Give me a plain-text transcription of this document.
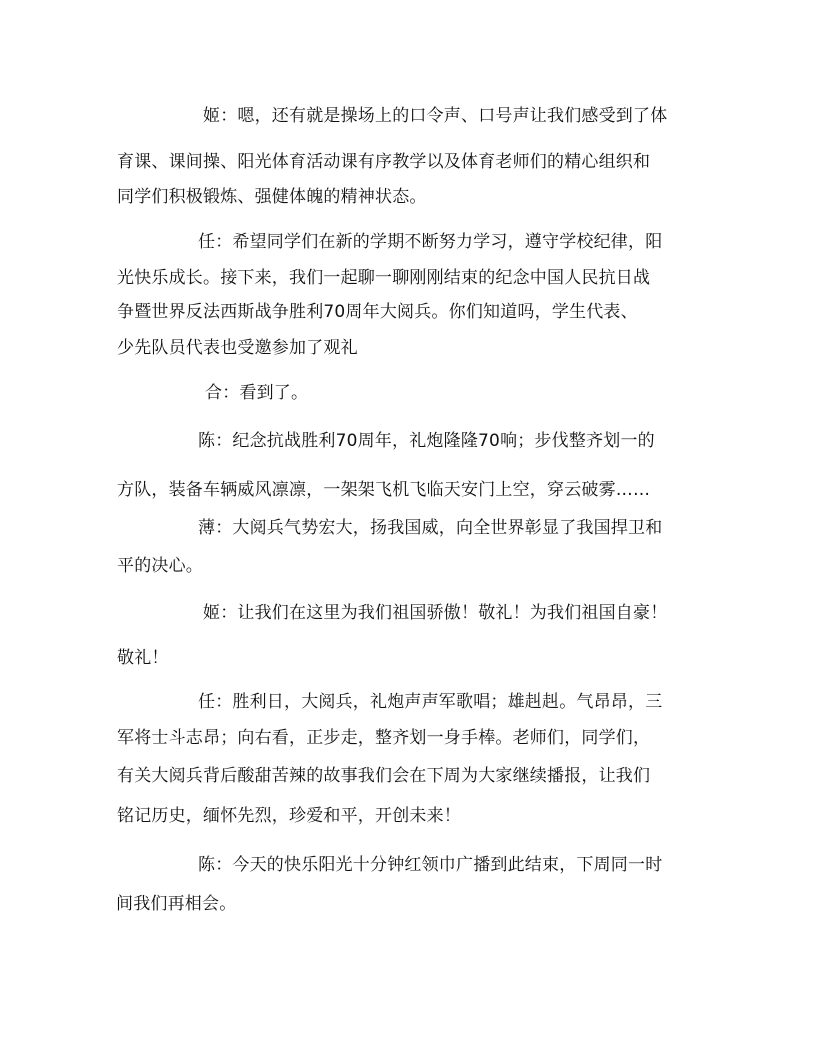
姬：嗯，还有就是操场上的口令声、口号声让我们感受到了体
育课、课间操、阳光体育活动课有序教学以及体育老师们的精心组织和
同学们积极锻炼、强健体魄的精神状态。
任：希望同学们在新的学期不断努力学习，遵守学校纪律，阳
光快乐成长。接下来，我们一起聊一聊刚刚结束的纪念中国人民抗日战
争暨世界反法西斯战争胜利70周年大阅兵。你们知道吗，学生代表、
少先队员代表也受邀参加了观礼
合：看到了。
陈：纪念抗战胜利70周年，礼炮隆隆70响；步伐整齐划一的
方队，装备车辆威风凛凛，一架架飞机飞临天安门上空，穿云破雾……
薄：大阅兵气势宏大，扬我国威，向全世界彰显了我国捍卫和
平的决心。
姬：让我们在这里为我们祖国骄傲！敬礼！为我们祖国自豪！
敬礼！
任：胜利日，大阅兵，礼炮声声军歌唱；雄赳赳。气昂昂，三
军将士斗志昂；向右看，正步走，整齐划一身手棒。老师们，同学们，
有关大阅兵背后酸甜苦辣的故事我们会在下周为大家继续播报，让我们
铭记历史，缅怀先烈，珍爱和平，开创未来！
陈：今天的快乐阳光十分钟红领巾广播到此结束，下周同一时
间我们再相会。
